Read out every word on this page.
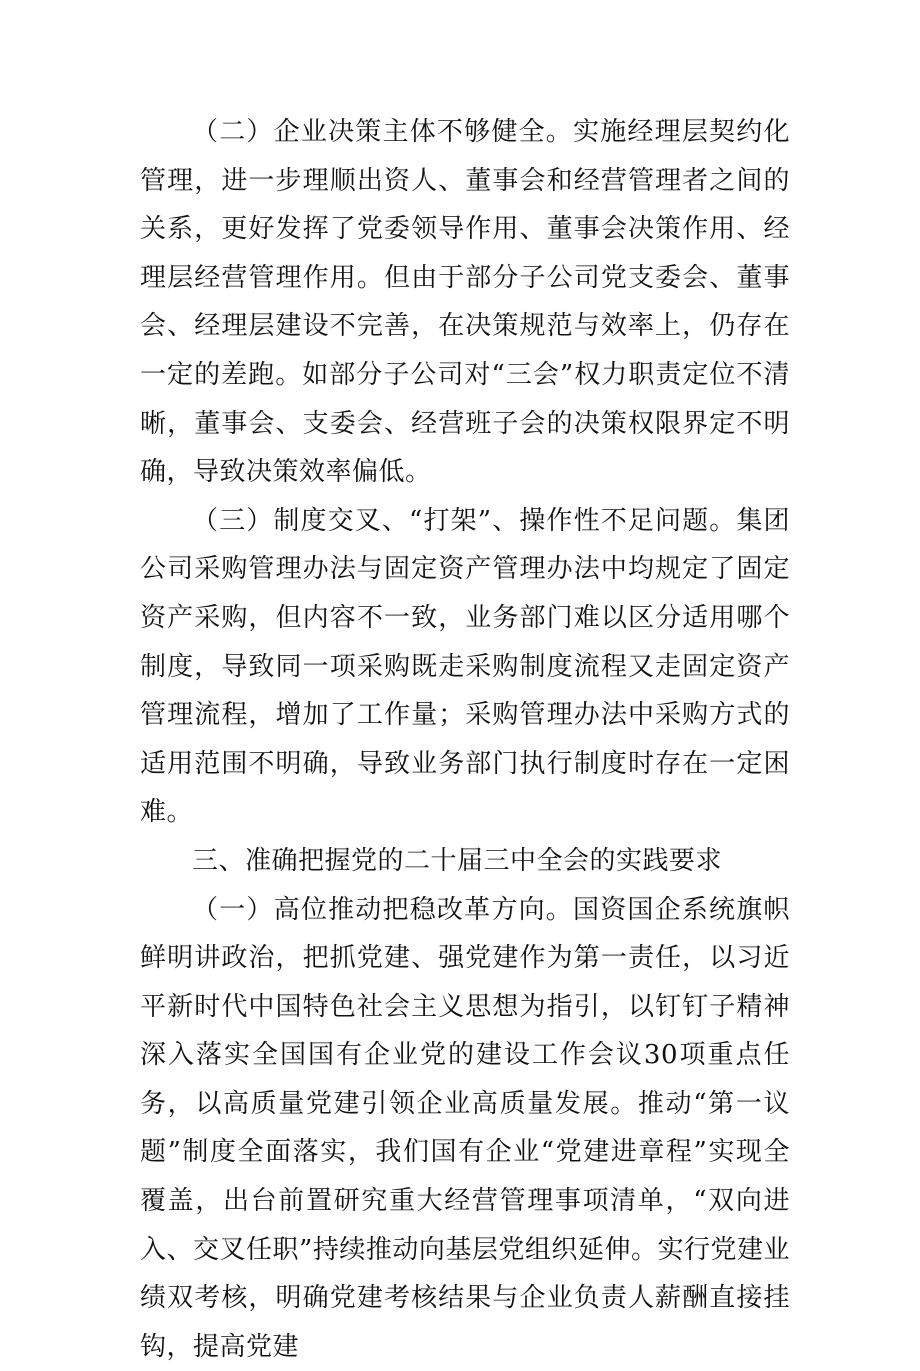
（二）企业决策主体不够健全。实施经理层契约化管理，进一步理顺出资人、董事会和经营管理者之间的关系，更好发挥了党委领导作用、董事会决策作用、经理层经营管理作用。但由于部分子公司党支委会、董事会、经理层建设不完善，在决策规范与效率上，仍存在一定的差跑。如部分子公司对“三会”权力职责定位不清晰，董事会、支委会、经营班子会的决策权限界定不明确，导致决策效率偏低。

（三）制度交叉、“打架”、操作性不足问题。集团公司采购管理办法与固定资产管理办法中均规定了固定资产采购，但内容不一致，业务部门难以区分适用哪个制度，导致同一项采购既走采购制度流程又走固定资产管理流程，增加了工作量；采购管理办法中采购方式的适用范围不明确，导致业务部门执行制度时存在一定困难。

三、准确把握党的二十届三中全会的实践要求

（一）高位推动把稳改革方向。国资国企系统旗帜鲜明讲政治，把抓党建、强党建作为第一责任，以习近平新时代中国特色社会主义思想为指引，以钉钉子精神深入落实全国国有企业党的建设工作会议30项重点任务，以高质量党建引领企业高质量发展。推动“第一议题”制度全面落实，我们国有企业“党建进章程”实现全覆盖，出台前置研究重大经营管理事项清单，“双向进入、交叉任职”持续推动向基层党组织延伸。实行党建业绩双考核，明确党建考核结果与企业负责人薪酬直接挂钩，提高党建
